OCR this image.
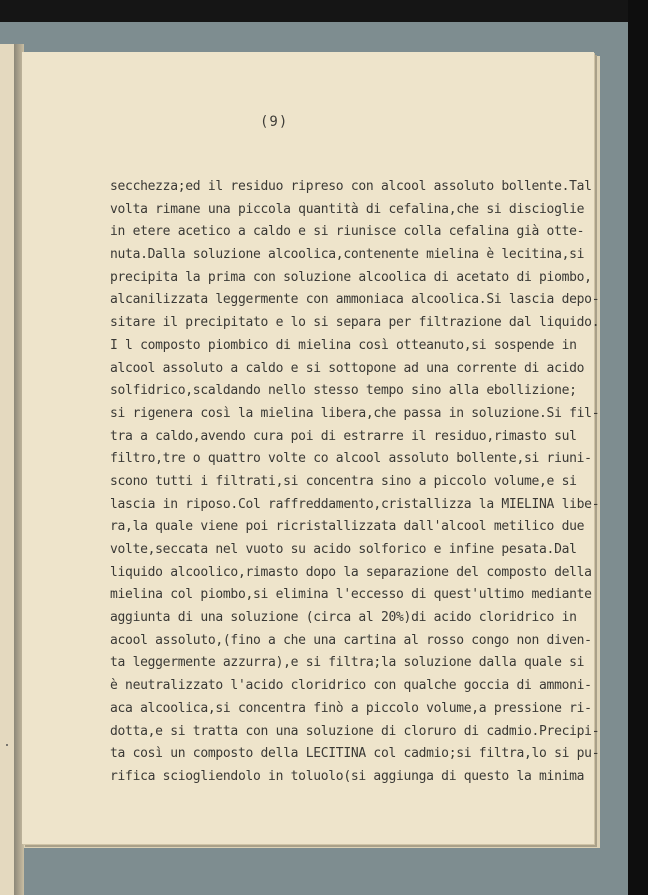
(9)
secchezza;ed il residuo ripreso con alcool assoluto bollente.Tal
volta rimane una piccola quantità di cefalina,che si discioglie
in etere acetico a caldo e si riunisce colla cefalina già otte-
nuta.Dalla soluzione alcoolica,contenente mielina è lecitina,si
precipita la prima con soluzione alcoolica di acetato di piombo,
alcanilizzata leggermente con ammoniaca alcoolica.Si lascia depo-
sitare il precipitato e lo si separa per filtrazione dal liquido.
I l composto piombico di mielina così otteanuto,si sospende in
alcool assoluto a caldo e si sottopone ad una corrente di acido
solfidrico,scaldando nello stesso tempo sino alla ebollizione;
si rigenera così la mielina libera,che passa in soluzione.Si fil-
tra a caldo,avendo cura poi di estrarre il residuo,rimasto sul
filtro,tre o quattro volte co alcool assoluto bollente,si riuni-
scono tutti i filtrati,si concentra sino a piccolo volume,e si
lascia in riposo.Col raffreddamento,cristallizza la MIELINA libe-
ra,la quale viene poi ricristallizzata dall'alcool metilico due
volte,seccata nel vuoto su acido solforico e infine pesata.Dal
liquido alcoolico,rimasto dopo la separazione del composto della
mielina col piombo,si elimina l'eccesso di quest'ultimo mediante
aggiunta di una soluzione (circa al 20%)di acido cloridrico in
acool assoluto,(fino a che una cartina al rosso congo non diven-
ta leggermente azzurra),e si filtra;la soluzione dalla quale si
è neutralizzato l'acido cloridrico con qualche goccia di ammoni-
aca alcoolica,si concentra finò a piccolo volume,a pressione ri-
dotta,e si tratta con una soluzione di cloruro di cadmio.Precipi-
ta così un composto della LECITINA col cadmio;si filtra,lo si pu-
rifica sciogliendolo in toluolo(si aggiunga di questo la minima
